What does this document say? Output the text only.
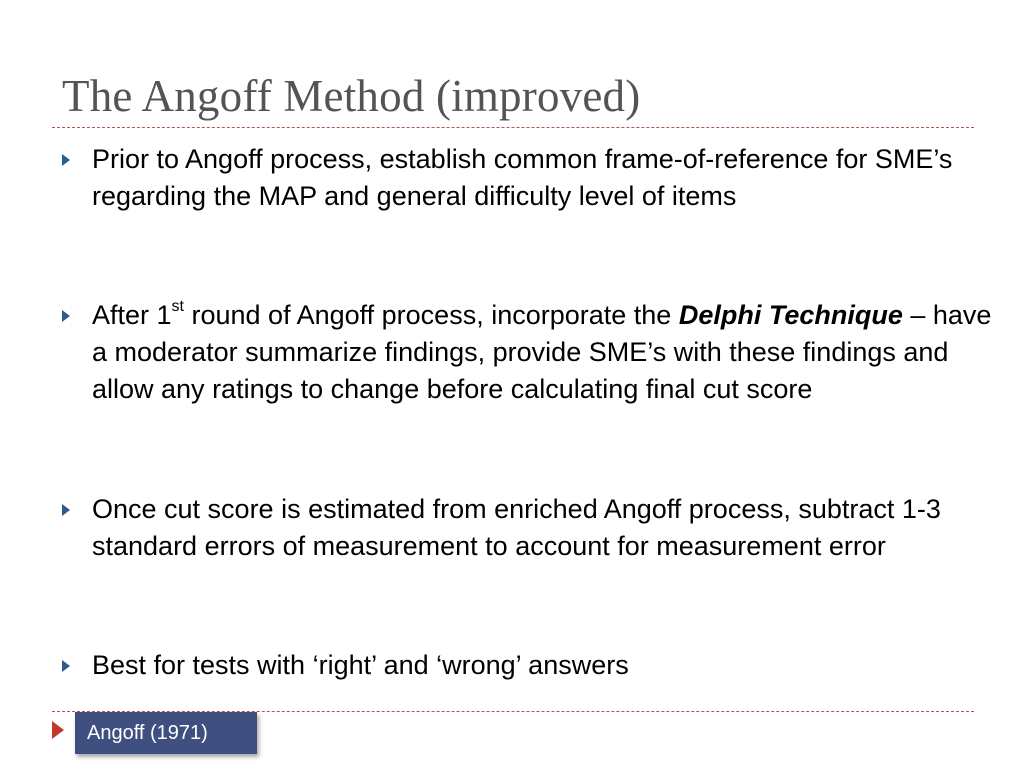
The Angoff Method (improved)
Prior to Angoff process, establish common frame-of-reference for SME’s regarding the MAP and general difficulty level of items
After 1st round of Angoff process, incorporate the Delphi Technique – have a moderator summarize findings, provide SME’s with these findings and allow any ratings to change before calculating final cut score
Once cut score is estimated from enriched Angoff process, subtract 1-3 standard errors of measurement to account for measurement error
Best for tests with ‘right’ and ‘wrong’ answers
Angoff (1971)
